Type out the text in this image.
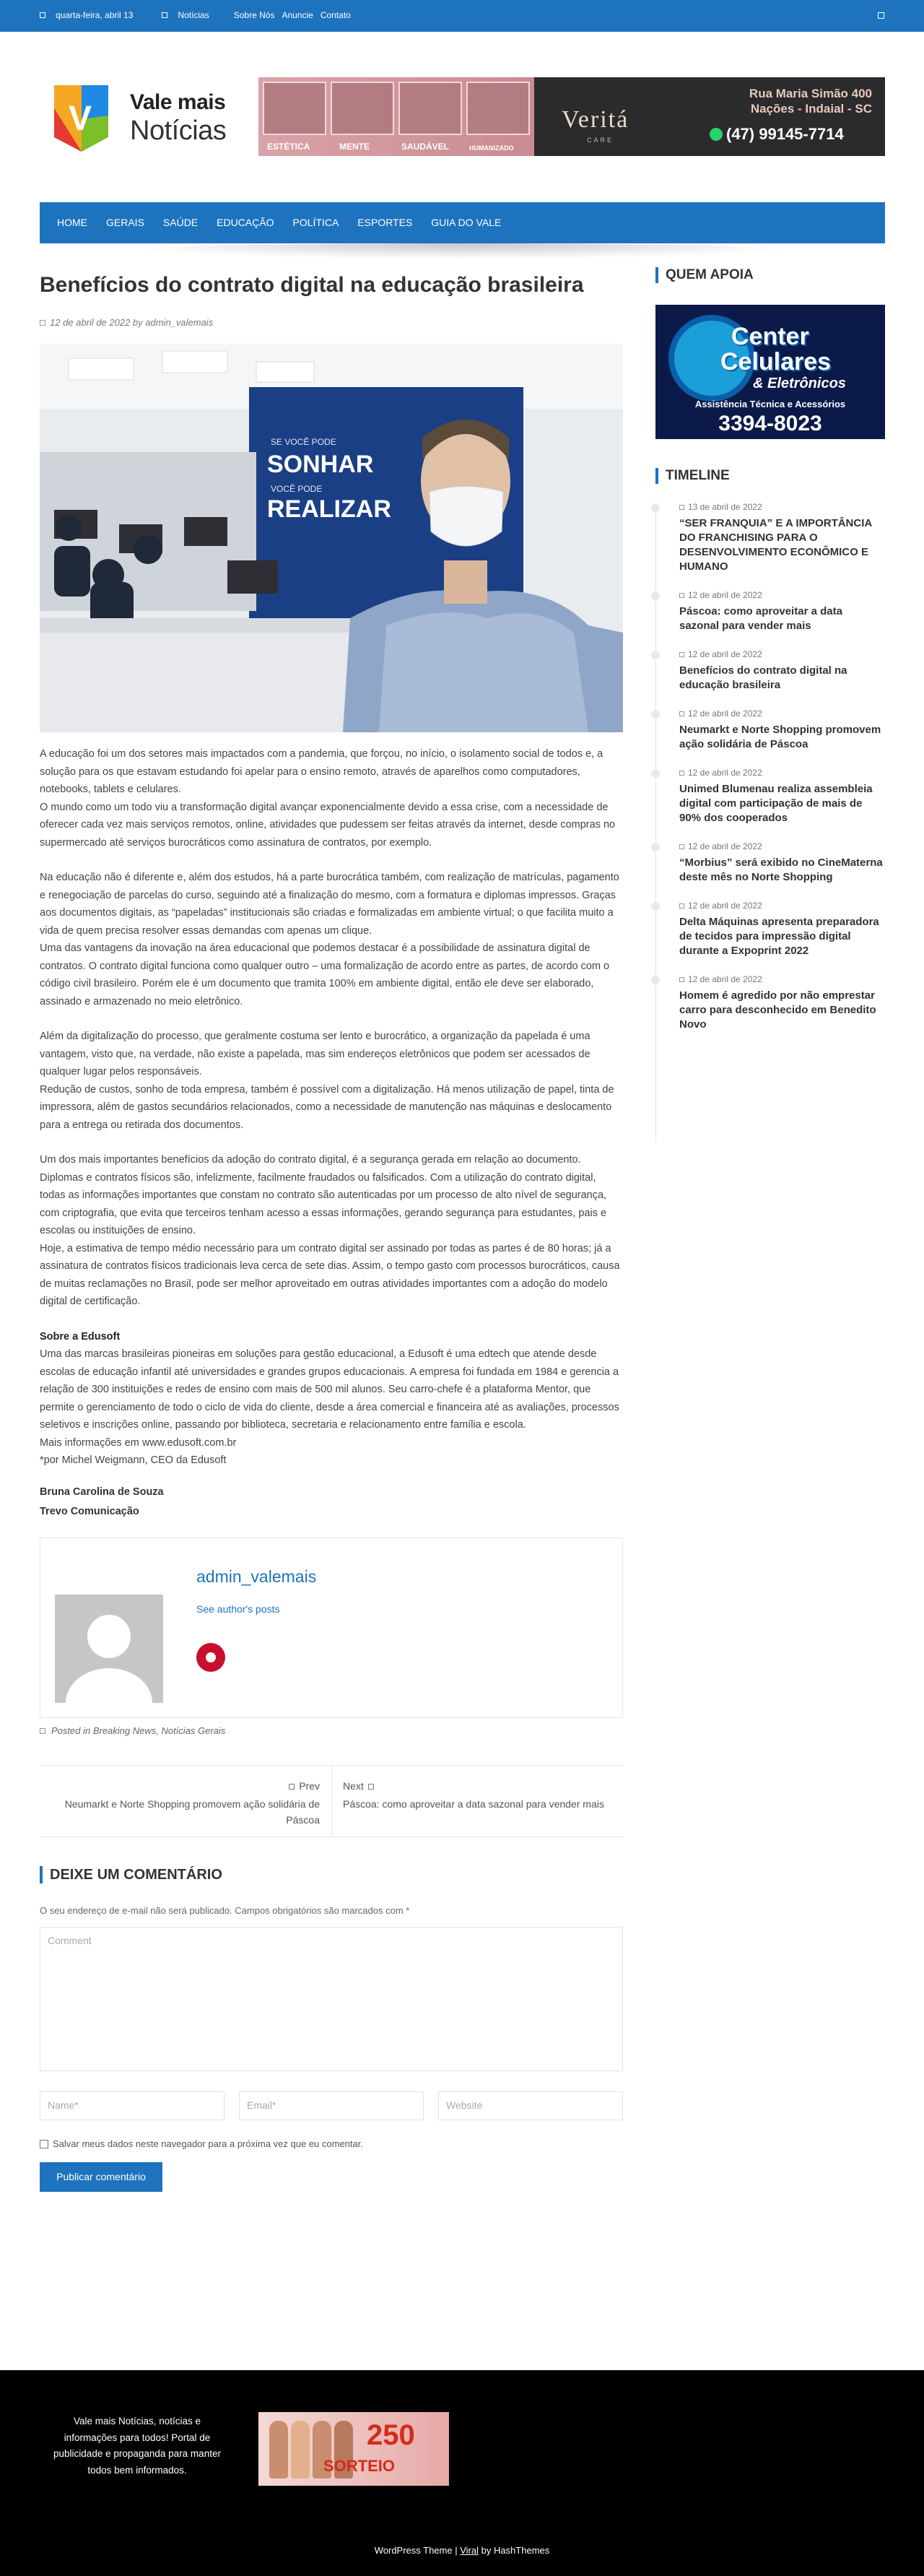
quarta-feira, abril 13	Notícias	Sobre Nós Anuncie Contato
V Vale mais
Notícias
ESTÉTICA	MENTE	SAUDÁVEL	HUMANIZADO
Veritá
CARE
Rua Maria Simão 400
Nações - Indaial - SC
(47) 99145-7714
HOME	GERAIS	SAÚDE	EDUCAÇÃO	POLÍTICA	ESPORTES	GUIA DO VALE
Benefícios do contrato digital na educação brasileira
12 de abril de 2022 by admin_valemais
SE VOCÊ PODE
SONHAR
VOCÊ PODE
REALIZAR

A educação foi um dos setores mais impactados com a pandemia, que forçou, no início, o isolamento social de todos e, a solução para os que estavam estudando foi apelar para o ensino remoto, através de aparelhos como computadores, notebooks, tablets e celulares.
O mundo como um todo viu a transformação digital avançar exponencialmente devido a essa crise, com a necessidade de oferecer cada vez mais serviços remotos, online, atividades que pudessem ser feitas através da internet, desde compras no supermercado até serviços burocráticos como assinatura de contratos, por exemplo.

Na educação não é diferente e, além dos estudos, há a parte burocrática também, com realização de matrículas, pagamento e renegociação de parcelas do curso, seguindo até a finalização do mesmo, com a formatura e diplomas impressos. Graças aos documentos digitais, as “papeladas” institucionais são criadas e formalizadas em ambiente virtual; o que facilita muito a vida de quem precisa resolver essas demandas com apenas um clique.
Uma das vantagens da inovação na área educacional que podemos destacar é a possibilidade de assinatura digital de contratos. O contrato digital funciona como qualquer outro – uma formalização de acordo entre as partes, de acordo com o código civil brasileiro. Porém ele é um documento que tramita 100% em ambiente digital, então ele deve ser elaborado, assinado e armazenado no meio eletrônico.

Além da digitalização do processo, que geralmente costuma ser lento e burocrático, a organização da papelada é uma vantagem, visto que, na verdade, não existe a papelada, mas sim endereços eletrônicos que podem ser acessados de qualquer lugar pelos responsáveis.
Redução de custos, sonho de toda empresa, também é possível com a digitalização. Há menos utilização de papel, tinta de impressora, além de gastos secundários relacionados, como a necessidade de manutenção nas máquinas e deslocamento para a entrega ou retirada dos documentos.

Um dos mais importantes benefícios da adoção do contrato digital, é a segurança gerada em relação ao documento. Diplomas e contratos físicos são, infelizmente, facilmente fraudados ou falsificados. Com a utilização do contrato digital, todas as informações importantes que constam no contrato são autenticadas por um processo de alto nível de segurança, com criptografia, que evita que terceiros tenham acesso a essas informações, gerando segurança para estudantes, pais e escolas ou instituições de ensino.
Hoje, a estimativa de tempo médio necessário para um contrato digital ser assinado por todas as partes é de 80 horas; já a assinatura de contratos físicos tradicionais leva cerca de sete dias. Assim, o tempo gasto com processos burocráticos, causa de muitas reclamações no Brasil, pode ser melhor aproveitado em outras atividades importantes com a adoção do modelo digital de certificação.

Sobre a Edusoft
Uma das marcas brasileiras pioneiras em soluções para gestão educacional, a Edusoft é uma edtech que atende desde escolas de educação infantil até universidades e grandes grupos educacionais. A empresa foi fundada em 1984 e gerencia a relação de 300 instituições e redes de ensino com mais de 500 mil alunos. Seu carro-chefe é a plataforma Mentor, que permite o gerenciamento de todo o ciclo de vida do cliente, desde a área comercial e financeira até as avaliações, processos seletivos e inscrições online, passando por biblioteca, secretaria e relacionamento entre família e escola.
Mais informações em www.edusoft.com.br
*por Michel Weigmann, CEO da Edusoft

Bruna Carolina de Souza
Trevo Comunicação

admin_valemais
See author's posts
Posted in Breaking News, Notícias Gerais
Prev
Neumarkt e Norte Shopping promovem ação solidária de Páscoa
Next
Páscoa: como aproveitar a data sazonal para vender mais
DEIXE UM COMENTÁRIO
O seu endereço de e-mail não será publicado. Campos obrigatórios são marcados com *
Comment
Name*	Email*	Website
Salvar meus dados neste navegador para a próxima vez que eu comentar.
Publicar comentário
QUEM APOIA
Center
Celulares
& Eletrônicos
Assistência Técnica e Acessórios
3394-8023
TIMELINE
13 de abril de 2022
“SER FRANQUIA” E A IMPORTÂNCIA DO FRANCHISING PARA O DESENVOLVIMENTO ECONÔMICO E HUMANO
12 de abril de 2022
Páscoa: como aproveitar a data sazonal para vender mais
12 de abril de 2022
Benefícios do contrato digital na educação brasileira
12 de abril de 2022
Neumarkt e Norte Shopping promovem ação solidária de Páscoa
12 de abril de 2022
Unimed Blumenau realiza assembleia digital com participação de mais de 90% dos cooperados
12 de abril de 2022
“Morbius” será exibido no CineMaterna deste mês no Norte Shopping
12 de abril de 2022
Delta Máquinas apresenta preparadora de tecidos para impressão digital durante a Expoprint 2022
12 de abril de 2022
Homem é agredido por não emprestar carro para desconhecido em Benedito Novo
Vale mais Notícias, notícias e informações para todos! Portal de publicidade e propaganda para manter todos bem informados.
250
SORTEIO
WordPress Theme | Viral by HashThemes
